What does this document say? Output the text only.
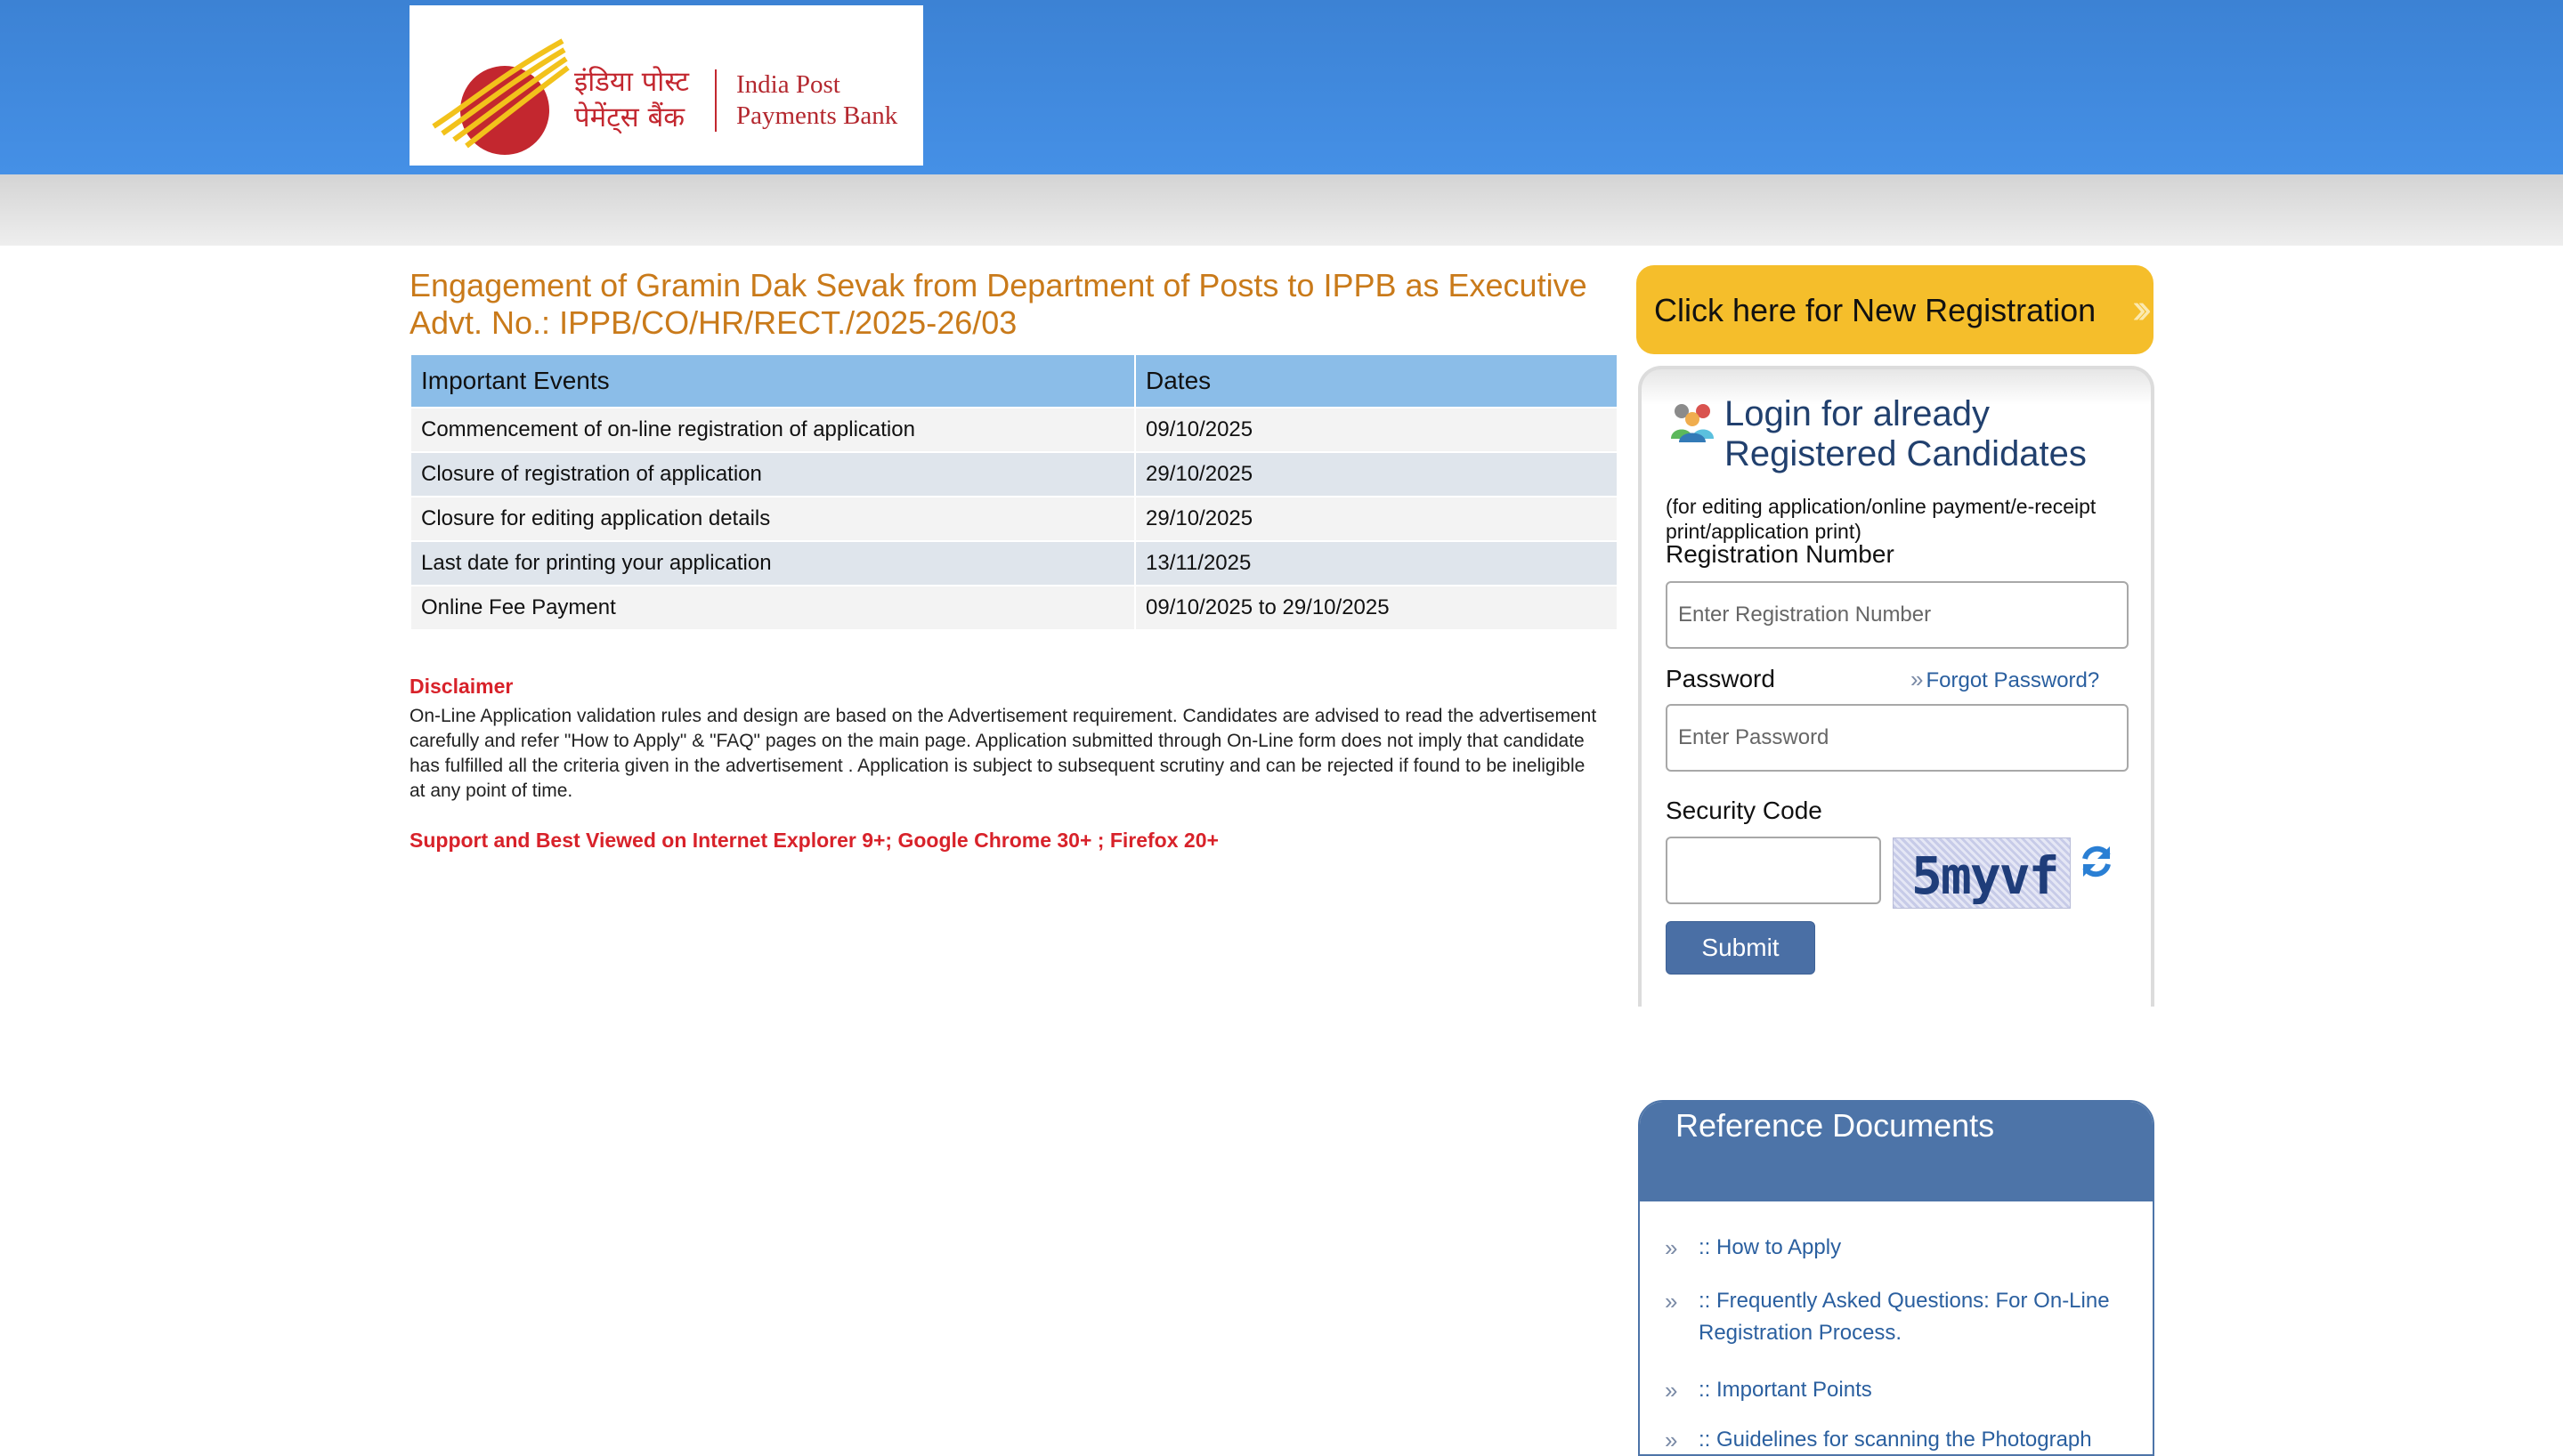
इंडिया पोस्ट
पेमेंट्स बैंक
India Post
Payments Bank
Engagement of Gramin Dak Sevak from Department of Posts to IPPB as Executive
Advt. No.: IPPB/CO/HR/RECT./2025-26/03
Important Events	Dates
Commencement of on-line registration of application	09/10/2025
Closure of registration of application	29/10/2025
Closure for editing application details	29/10/2025
Last date for printing your application	13/11/2025
Online Fee Payment	09/10/2025 to 29/10/2025
Disclaimer
On-Line Application validation rules and design are based on the Advertisement requirement. Candidates are advised to read the advertisement carefully and refer "How to Apply" & "FAQ" pages on the main page. Application submitted through On-Line form does not imply that candidate has fulfilled all the criteria given in the advertisement . Application is subject to subsequent scrutiny and can be rejected if found to be ineligible at any point of time.
Support and Best Viewed on Internet Explorer 9+; Google Chrome 30+ ; Firefox 20+
Click here for New Registration ››
Login for already
Registered Candidates
(for editing application/online payment/e-receipt print/application print)
Registration Number
Enter Registration Number
Password	» Forgot Password?
Security Code
5myvf
Submit
Reference Documents
» :: How to Apply
» :: Frequently Asked Questions: For On-Line Registration Process.
» :: Important Points
» :: Guidelines for scanning the Photograph
